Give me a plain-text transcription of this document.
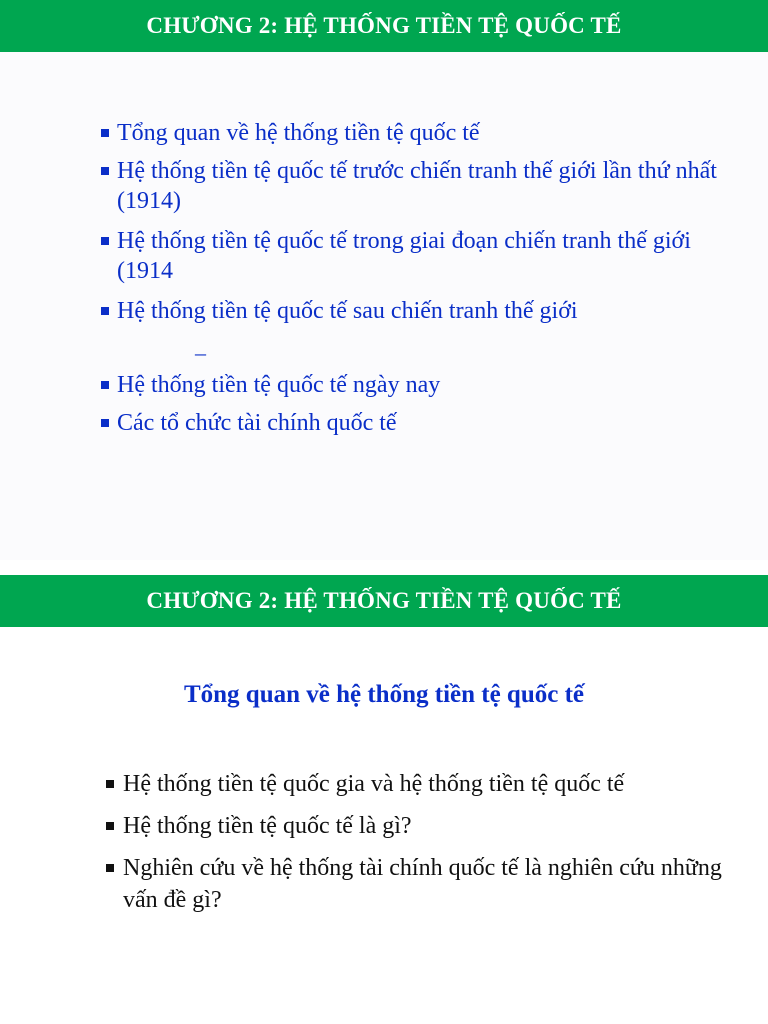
CHƯƠNG 2: HỆ THỐNG TIỀN TỆ QUỐC TẾ
Tổng quan về hệ thống tiền tệ quốc tế
Hệ thống tiền tệ quốc tế trước chiến tranh thế giới lần thứ nhất (1914)
Hệ thống tiền tệ quốc tế trong giai đoạn chiến tranh thế giới (1914
Hệ thống tiền tệ quốc tế sau chiến tranh thế giới
Hệ thống tiền tệ quốc tế ngày nay
Các tổ chức tài chính quốc tế
–
CHƯƠNG 2: HỆ THỐNG TIỀN TỆ QUỐC TẾ
Tổng quan về hệ thống tiền tệ quốc tế
Hệ thống tiền tệ quốc gia và hệ thống tiền tệ quốc tế
Hệ thống tiền tệ quốc tế là gì?
Nghiên cứu về hệ thống tài chính quốc tế là nghiên cứu những vấn đề gì?
